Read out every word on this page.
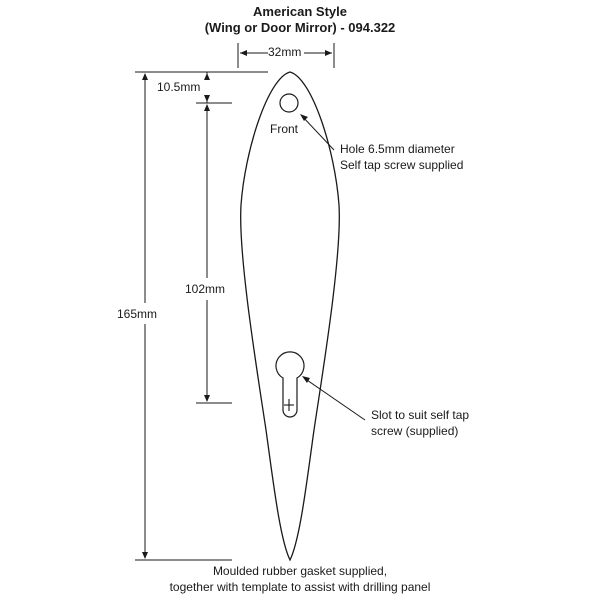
American Style
(Wing or Door Mirror) - 094.322
32mm
10.5mm
102mm
165mm
Front
Hole 6.5mm diameter
Self tap screw supplied
Slot to suit self tap
screw (supplied)
Moulded rubber gasket supplied,
together with template to assist with drilling panel
